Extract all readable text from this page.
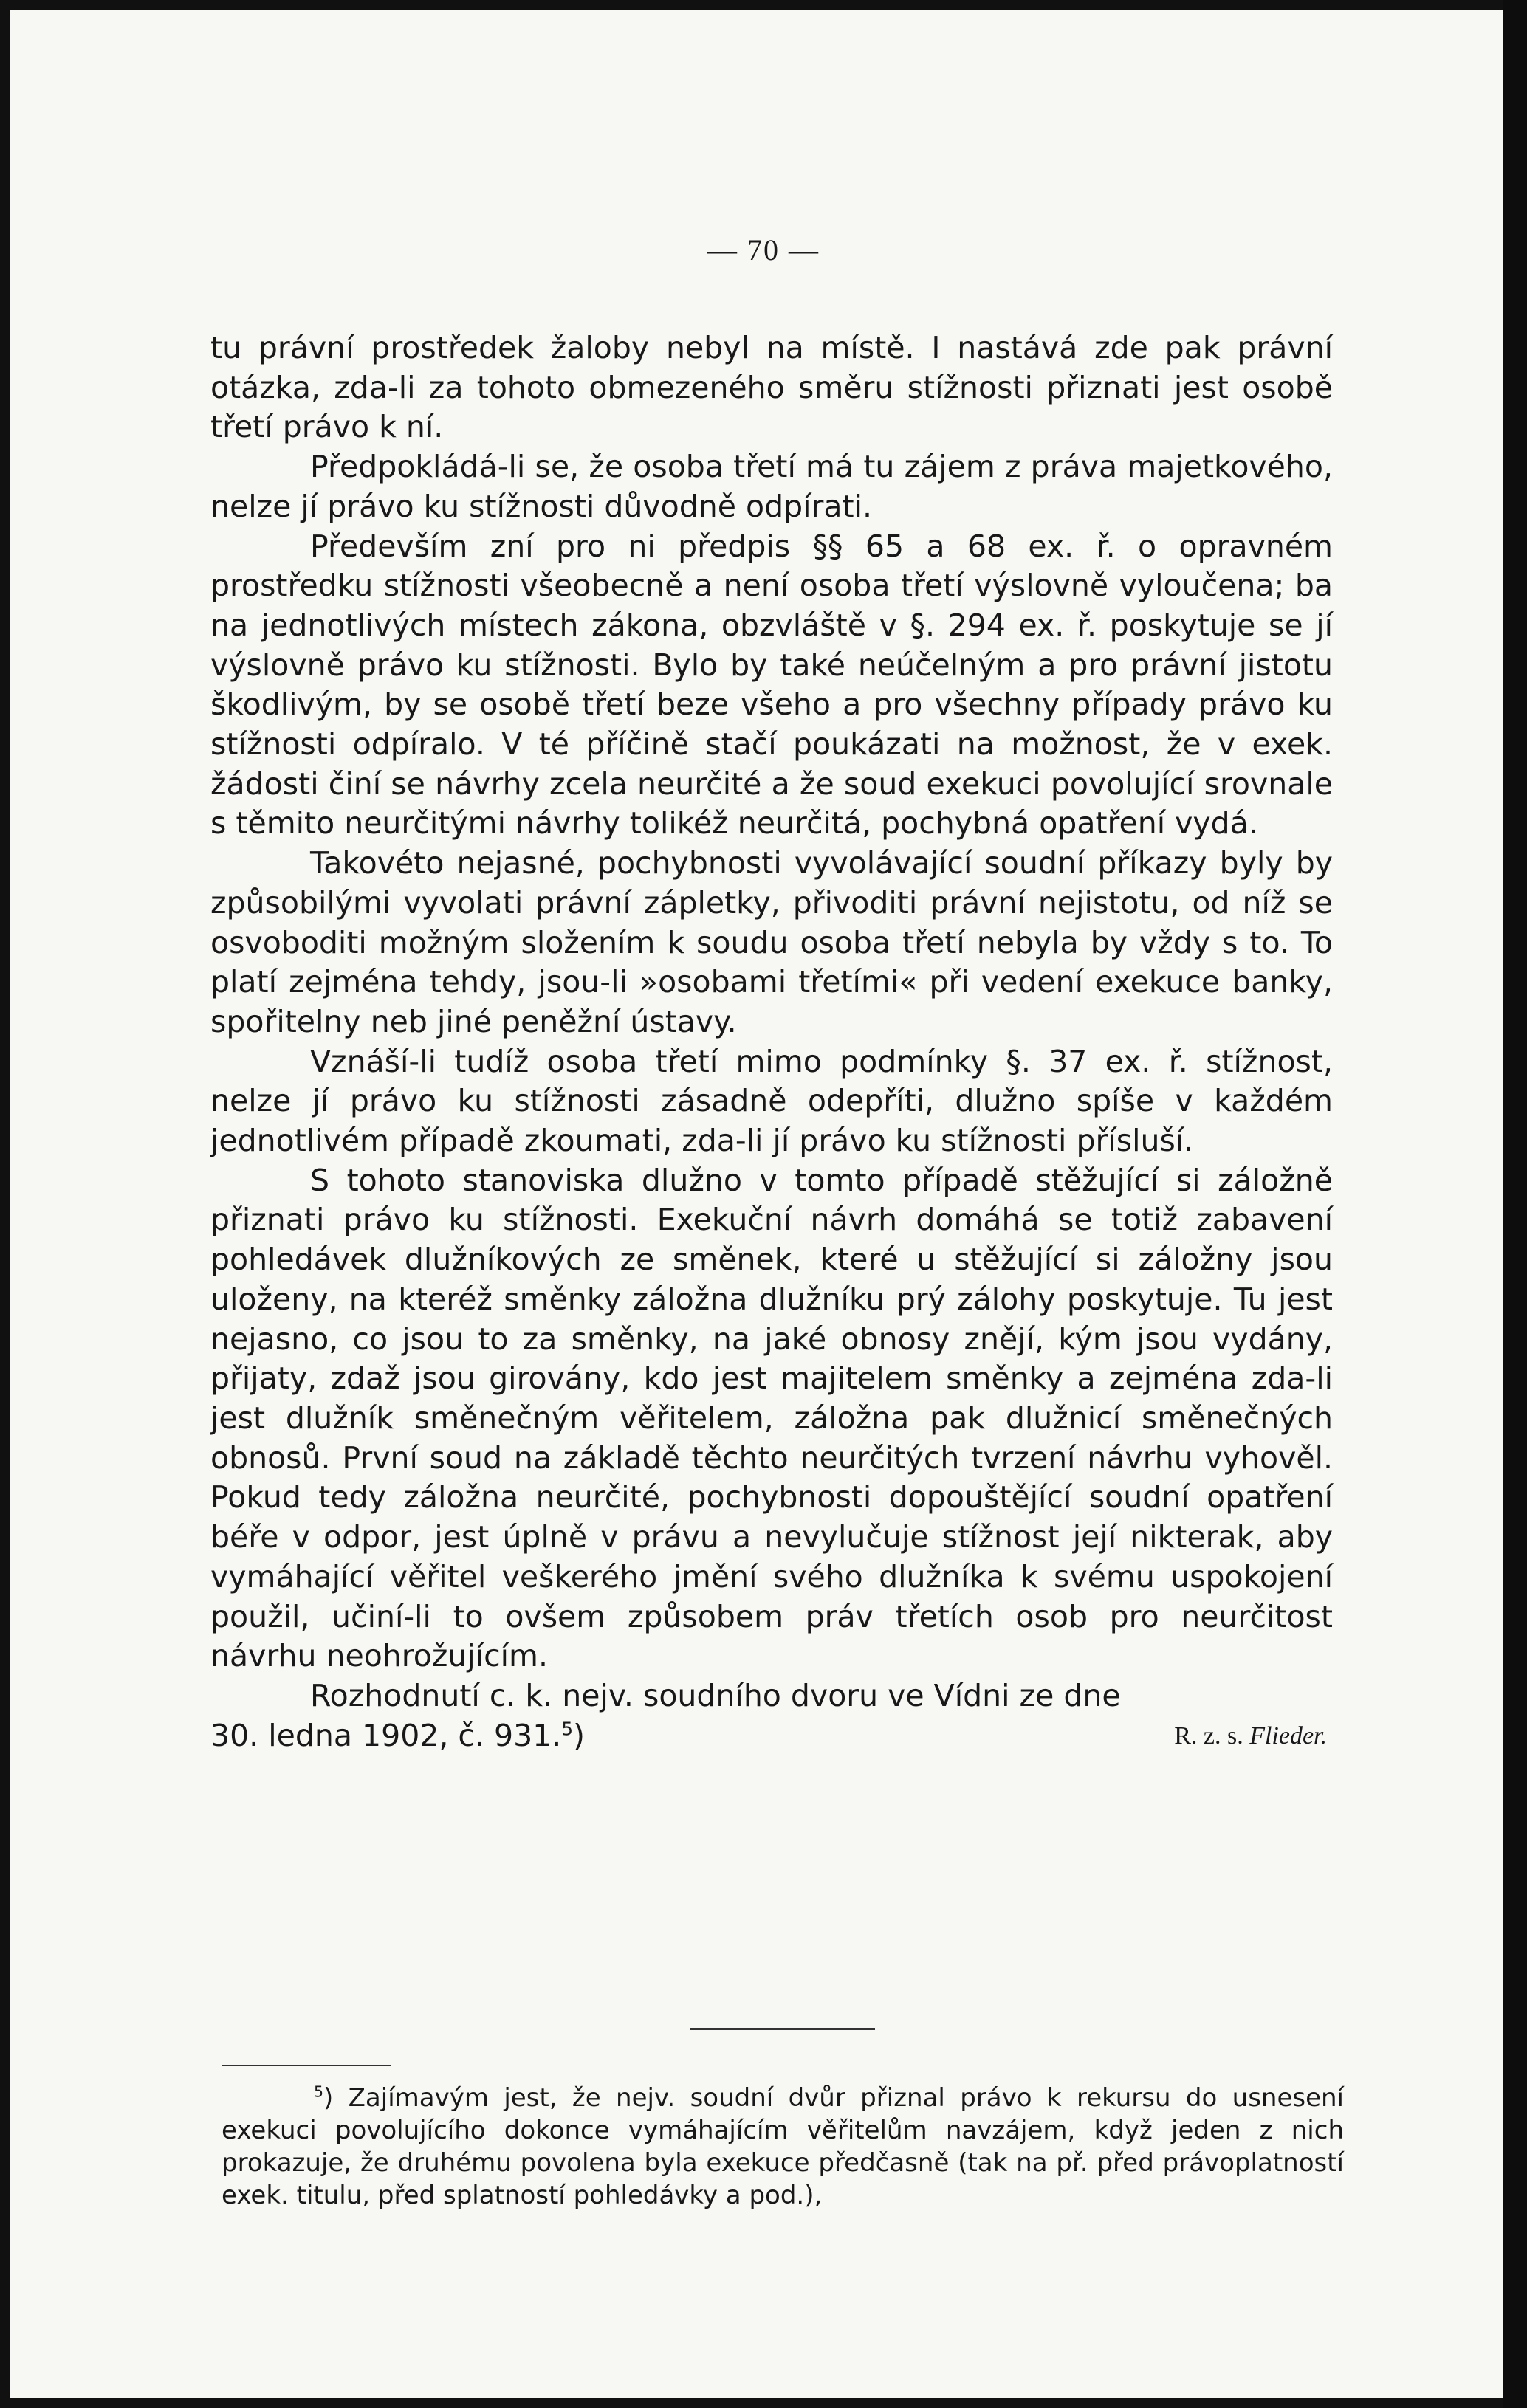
— 70 —

tu právní prostředek žaloby nebyl na místě. I nastává zde pak právní otázka, zda-li za tohoto obmezeného směru stížnosti přiznati jest osobě třetí právo k ní.

Předpokládá-li se, že osoba třetí má tu zájem z práva majetkového, nelze jí právo ku stížnosti důvodně odpírati.

Především zní pro ni předpis §§ 65 a 68 ex. ř. o opravném prostředku stížnosti všeobecně a není osoba třetí výslovně vyloučena; ba na jednotlivých místech zákona, obzvláště v §. 294 ex. ř. poskytuje se jí výslovně právo ku stížnosti. Bylo by také neúčelným a pro právní jistotu škodlivým, by se osobě třetí beze všeho a pro všechny případy právo ku stížnosti odpíralo. V té příčině stačí poukázati na možnost, že v exek. žádosti činí se návrhy zcela neurčité a že soud exekuci povolující srovnale s těmito neurčitými návrhy tolikéž neurčitá, pochybná opatření vydá.

Takovéto nejasné, pochybnosti vyvolávající soudní příkazy byly by způsobilými vyvolati právní zápletky, přivoditi právní nejistotu, od níž se osvoboditi možným složením k soudu osoba třetí nebyla by vždy s to. To platí zejména tehdy, jsou-li »osobami třetími« při vedení exekuce banky, spořitelny neb jiné peněžní ústavy.

Vznáší-li tudíž osoba třetí mimo podmínky §. 37 ex. ř. stížnost, nelze jí právo ku stížnosti zásadně odepříti, dlužno spíše v každém jednotlivém případě zkoumati, zda-li jí právo ku stížnosti přísluší.

S tohoto stanoviska dlužno v tomto případě stěžující si záložně přiznati právo ku stížnosti. Exekuční návrh domáhá se totiž zabavení pohledávek dlužníkových ze směnek, které u stěžující si záložny jsou uloženy, na kteréž směnky záložna dlužníku prý zálohy poskytuje. Tu jest nejasno, co jsou to za směnky, na jaké obnosy znějí, kým jsou vydány, přijaty, zdaž jsou girovány, kdo jest majitelem směnky a zejména zda-li jest dlužník směnečným věřitelem, záložna pak dlužnicí směnečných obnosů. První soud na základě těchto neurčitých tvrzení návrhu vyhověl. Pokud tedy záložna neurčité, pochybnosti dopouštějící soudní opatření béře v odpor, jest úplně v právu a nevylučuje stížnost její nikterak, aby vymáhající věřitel veškerého jmění svého dlužníka k svému uspokojení použil, učiní-li to ovšem způsobem práv třetích osob pro neurčitost návrhu neohrožujícím.

Rozhodnutí c. k. nejv. soudního dvoru ve Vídni ze dne

30. ledna 1902, č. 931.$^5$)	R. z. s. Flieder.

$^5$) Zajímavým jest, že nejv. soudní dvůr přiznal právo k rekursu do usnesení exekuci povolujícího dokonce vymáhajícím věřitelům navzájem, když jeden z nich prokazuje, že druhému povolena byla exekuce předčasně (tak na př. před právoplatností exek. titulu, před splatností pohledávky a pod.),
